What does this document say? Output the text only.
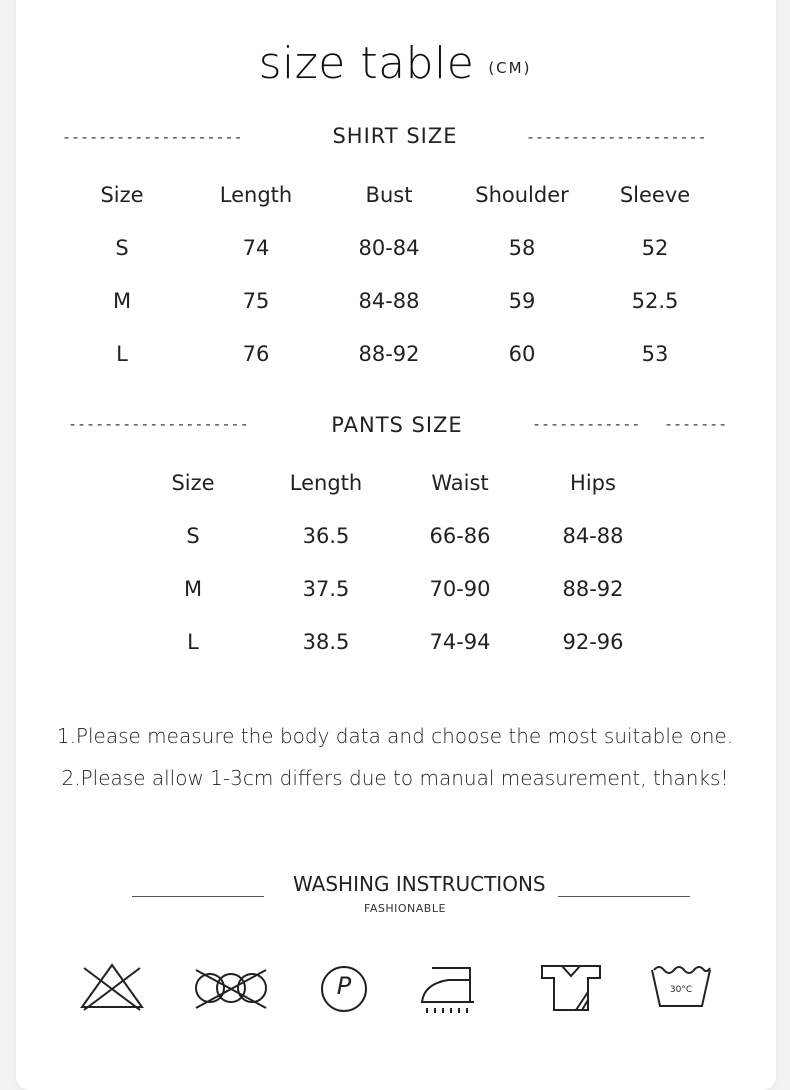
size table (CM)
--------------------	SHIRT SIZE	--------------------
Size	Length	Bust	Shoulder	Sleeve
S	74	80-84	58	52
M	75	84-88	59	52.5
L	76	88-92	60	53
--------------------	PANTS SIZE	------------ -------
Size	Length	Waist	Hips
S	36.5	66-86	84-88
M	37.5	70-90	88-92
L	38.5	74-94	92-96
1.Please measure the body data and choose the most suitable one.
2.Please allow 1-3cm differs due to manual measurement, thanks!
WASHING INSTRUCTIONS
FASHIONABLE
P	30°C
